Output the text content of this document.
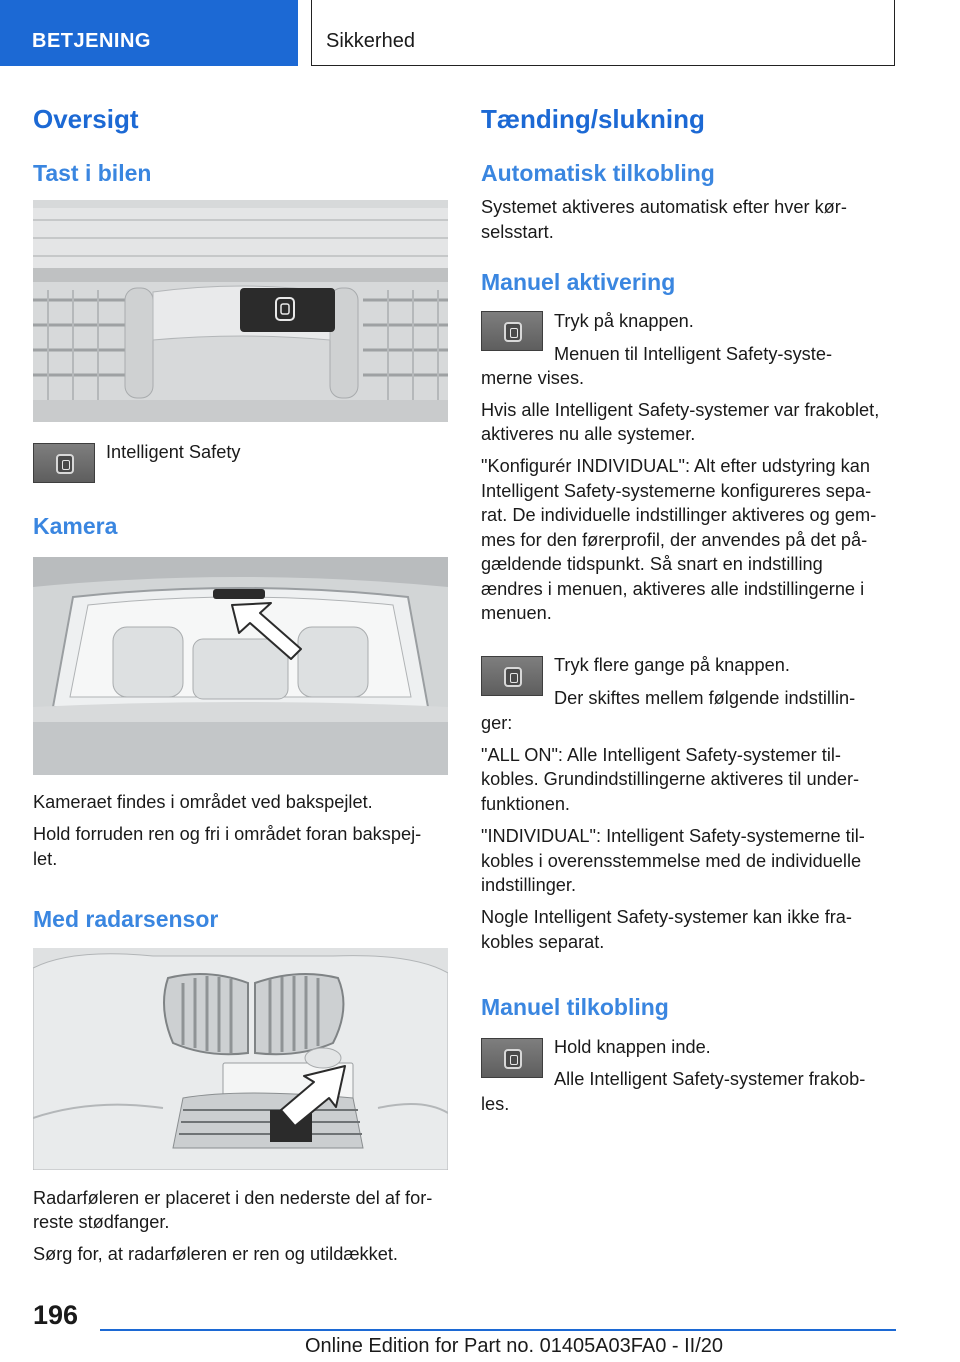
BETJENING	Sikkerhed
Oversigt
Tast i bilen

Intelligent Safety

Kamera

Kameraet findes i området ved bakspejlet.

Hold forruden ren og fri i området foran bakspej‐

let.

Med radarsensor

Radarføleren er placeret i den nederste del af for‐

reste stødfanger.

Sørg for, at radarføleren er ren og utildækket.

Tænding/slukning
Automatisk tilkobling

Systemet aktiveres automatisk efter hver kør‐

selsstart.

Manuel aktivering

Tryk på knappen.

Menuen til Intelligent Safety-syste‐

merne vises.

Hvis alle Intelligent Safety-systemer var frakoblet,

aktiveres nu alle systemer.

"Konfigurér INDIVIDUAL": Alt efter udstyring kan

Intelligent Safety-systemerne konfigureres sepa‐

rat. De individuelle indstillinger aktiveres og gem‐

mes for den førerprofil, der anvendes på det på‐

gældende tidspunkt. Så snart en indstilling

ændres i menuen, aktiveres alle indstillingerne i

menuen.

Tryk flere gange på knappen.

Der skiftes mellem følgende indstillin‐

ger:

"ALL ON": Alle Intelligent Safety-systemer til‐

kobles. Grundindstillingerne aktiveres til under‐

funktionen.

"INDIVIDUAL": Intelligent Safety-systemerne til‐

kobles i overensstemmelse med de individuelle

indstillinger.

Nogle Intelligent Safety-systemer kan ikke fra‐

kobles separat.

Manuel tilkobling

Hold knappen inde.

Alle Intelligent Safety-systemer frakob‐

les.

196
Online Edition for Part no. 01405A03FA0 - II/20
